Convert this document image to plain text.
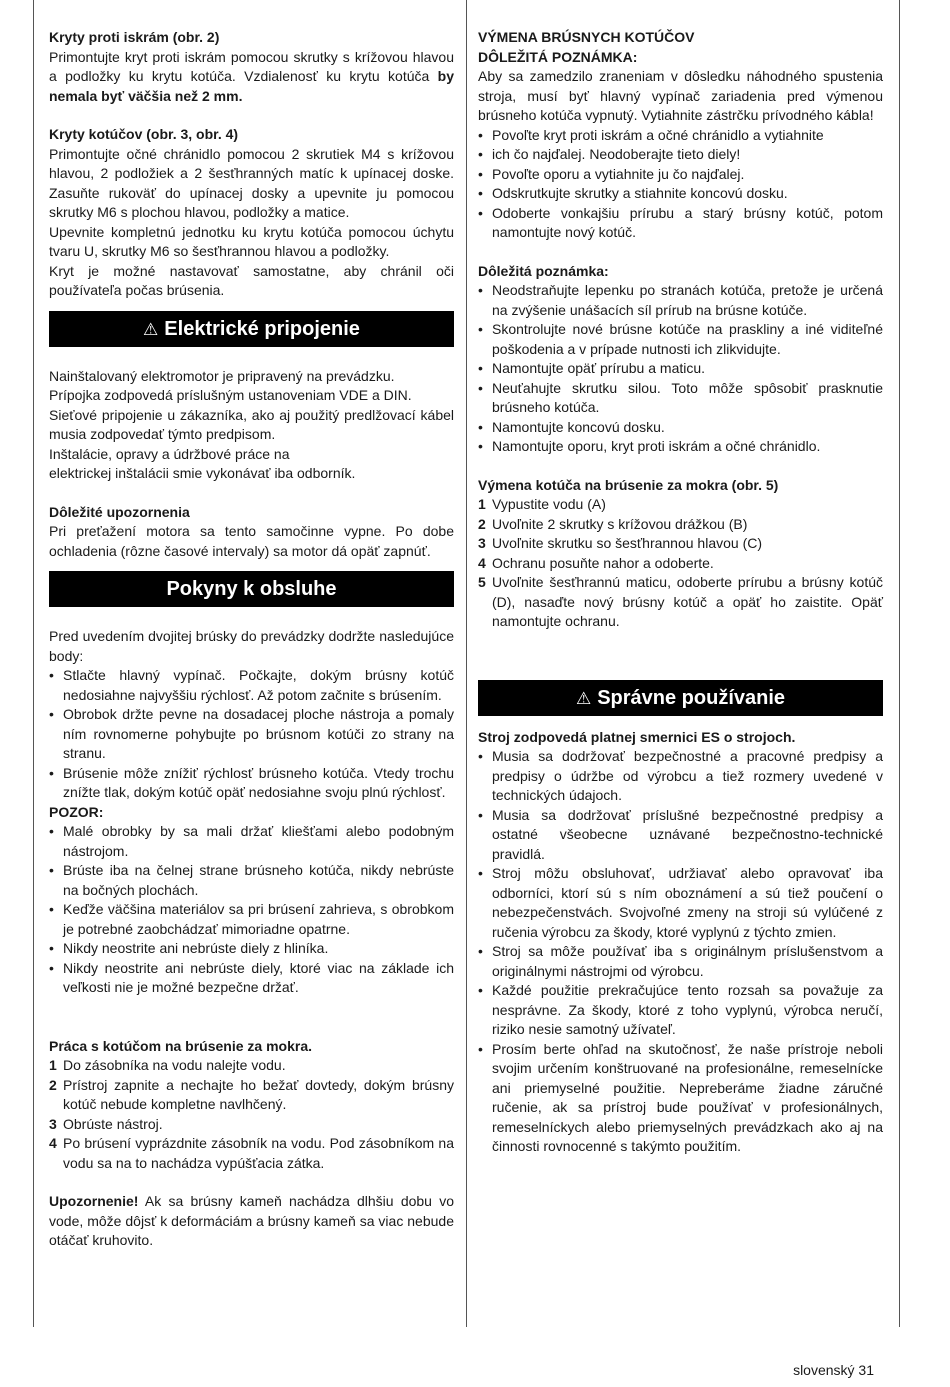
Kryty proti iskrám (obr. 2)

Primontujte kryt proti iskrám pomocou skrutky s krížovou hlavou a podložky ku krytu kotúča. Vzdialenosť ku krytu kotúča by nemala byť väčšia než 2 mm.

Kryty kotúčov (obr. 3, obr. 4)

Primontujte očné chránidlo pomocou 2 skrutiek M4 s krížovou hlavou, 2 podložiek a 2 šesťhranných matíc k upínacej doske. Zasuňte rukoväť do upínacej dosky a upevnite ju pomocou skrutky M6 s plochou hlavou, podložky a matice.

Upevnite kompletnú jednotku ku krytu kotúča pomocou úchytu tvaru U, skrutky M6 so šesťhrannou hlavou a podložky.

Kryt je možné nastavovať samostatne, aby chránil oči používateľa počas brúsenia.

⚠ Elektrické pripojenie

Nainštalovaný elektromotor je pripravený na prevádzku.

Prípojka zodpovedá príslušným ustanoveniam VDE a DIN.

Sieťové pripojenie u zákazníka, ako aj použitý predlžovací kábel musia zodpovedať týmto predpisom.

Inštalácie, opravy a údržbové práce na

elektrickej inštalácii smie vykonávať iba odborník.

Dôležité upozornenia

Pri preťažení motora sa tento samočinne vypne. Po dobe ochladenia (rôzne časové intervaly) sa motor dá opäť zapnúť.

Pokyny k obsluhe

Pred uvedením dvojitej brúsky do prevádzky dodržte nasledujúce body:

• Stlačte hlavný vypínač. Počkajte, dokým brúsny kotúč nedosiahne najvyššiu rýchlosť. Až potom začnite s brúsením.
• Obrobok držte pevne na dosadacej ploche nástroja a pomaly ním rovnomerne pohybujte po brúsnom kotúči zo strany na stranu.
• Brúsenie môže znížiť rýchlosť brúsneho kotúča. Vtedy trochu znížte tlak, dokým kotúč opäť nedosiahne svoju plnú rýchlosť.
POZOR:
• Malé obrobky by sa mali držať kliešťami alebo podobným nástrojom.
• Brúste iba na čelnej strane brúsneho kotúča, nikdy nebrúste na bočných plochách.
• Keďže väčšina materiálov sa pri brúsení zahrieva, s obrobkom je potrebné zaobchádzať mimoriadne opatrne.
• Nikdy neostrite ani nebrúste diely z hliníka.
• Nikdy neostrite ani nebrúste diely, ktoré viac na základe ich veľkosti nie je možné bezpečne držať.
Práca s kotúčom na brúsenie za mokra.
1 Do zásobníka na vodu nalejte vodu.
2 Prístroj zapnite a nechajte ho bežať dovtedy, dokým brúsny kotúč nebude kompletne navlhčený.
3 Obrúste nástroj.
4 Po brúsení vyprázdnite zásobník na vodu. Pod zásobníkom na vodu sa na to nachádza vypúšťacia zátka.

Upozornenie! Ak sa brúsny kameň nachádza dlhšiu dobu vo vode, môže dôjsť k deformáciám a brúsny kameň sa viac nebude otáčať kruhovito.

VÝMENA BRÚSNYCH KOTÚČOV
DÔLEŽITÁ POZNÁMKA:

Aby sa zamedzilo zraneniam v dôsledku náhodného spustenia stroja, musí byť hlavný vypínač zariadenia pred výmenou brúsneho kotúča vypnutý. Vytiahnite zástrčku prívodného kábla!

• Povoľte kryt proti iskrám a očné chránidlo a vytiahnite
• ich čo najďalej. Neodoberajte tieto diely!
• Povoľte oporu a vytiahnite ju čo najďalej.
• Odskrutkujte skrutky a stiahnite koncovú dosku.
• Odoberte vonkajšiu prírubu a starý brúsny kotúč, potom namontujte nový kotúč.
Dôležitá poznámka:
• Neodstraňujte lepenku po stranách kotúča, pretože je určená na zvýšenie unášacích síl prírub na brúsne kotúče.
• Skontrolujte nové brúsne kotúče na praskliny a iné viditeľné poškodenia a v prípade nutnosti ich zlikvidujte.
• Namontujte opäť prírubu a maticu.
• Neuťahujte skrutku silou. Toto môže spôsobiť prasknutie brúsneho kotúča.
• Namontujte koncovú dosku.
• Namontujte oporu, kryt proti iskrám a očné chránidlo.
Výmena kotúča na brúsenie za mokra (obr. 5)
1 Vypustite vodu (A)
2 Uvoľnite 2 skrutky s krížovou drážkou (B)
3 Uvoľnite skrutku so šesťhrannou hlavou (C)
4 Ochranu posuňte nahor a odoberte.
5 Uvoľnite šesťhrannú maticu, odoberte prírubu a brúsny kotúč (D), nasaďte nový brúsny kotúč a opäť ho zaistite. Opäť namontujte ochranu.
⚠ Správne používanie
Stroj zodpovedá platnej smernici ES o strojoch.
• Musia sa dodržovať bezpečnostné a pracovné predpisy a predpisy o údržbe od výrobcu a tiež rozmery uvedené v technických údajoch.
• Musia sa dodržovať príslušné bezpečnostné predpisy a ostatné všeobecne uznávané bezpečnostno-technické pravidlá.
• Stroj môžu obsluhovať, udržiavať alebo opravovať iba odborníci, ktorí sú s ním oboznámení a sú tiež poučení o nebezpečenstvách. Svojvoľné zmeny na stroji sú vylúčené z ručenia výrobcu za škody, ktoré vyplynú z týchto zmien.
• Stroj sa môže používať iba s originálnym príslušenstvom a originálnymi nástrojmi od výrobcu.
• Každé použitie prekračujúce tento rozsah sa považuje za nesprávne. Za škody, ktoré z toho vyplynú, výrobca neručí, riziko nesie samotný užívateľ.
• Prosím berte ohľad na skutočnosť, že naše prístroje neboli svojim určením konštruované na profesionálne, remeselnícke ani priemyselné použitie. Nepreberáme žiadne záručné ručenie, ak sa prístroj bude používať v profesionálnych, remeselníckych alebo priemyselných prevádzkach ako aj na činnosti rovnocenné s takýmto použitím.
slovenský 31
